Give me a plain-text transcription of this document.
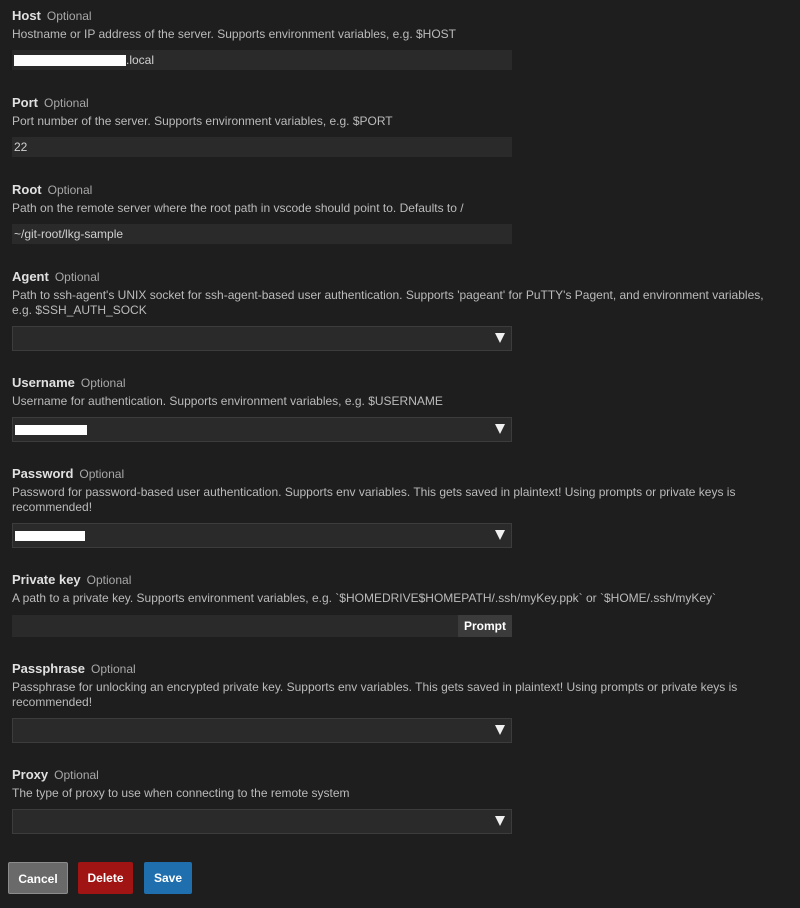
Host Optional
Hostname or IP address of the server. Supports environment variables, e.g. $HOST
.local
Port Optional
Port number of the server. Supports environment variables, e.g. $PORT
22
Root Optional
Path on the remote server where the root path in vscode should point to. Defaults to /
~/git-root/lkg-sample
Agent Optional
Path to ssh-agent's UNIX socket for ssh-agent-based user authentication. Supports 'pageant' for PuTTY's Pagent, and environment variables, e.g. $SSH_AUTH_SOCK
Username Optional
Username for authentication. Supports environment variables, e.g. $USERNAME
Password Optional
Password for password-based user authentication. Supports env variables. This gets saved in plaintext! Using prompts or private keys is recommended!
Private key Optional
A path to a private key. Supports environment variables, e.g. `$HOMEDRIVE$HOMEPATH/.ssh/myKey.ppk` or `$HOME/.ssh/myKey`
Prompt
Passphrase Optional
Passphrase for unlocking an encrypted private key. Supports env variables. This gets saved in plaintext! Using prompts or private keys is recommended!
Proxy Optional
The type of proxy to use when connecting to the remote system
Cancel	Delete	Save
